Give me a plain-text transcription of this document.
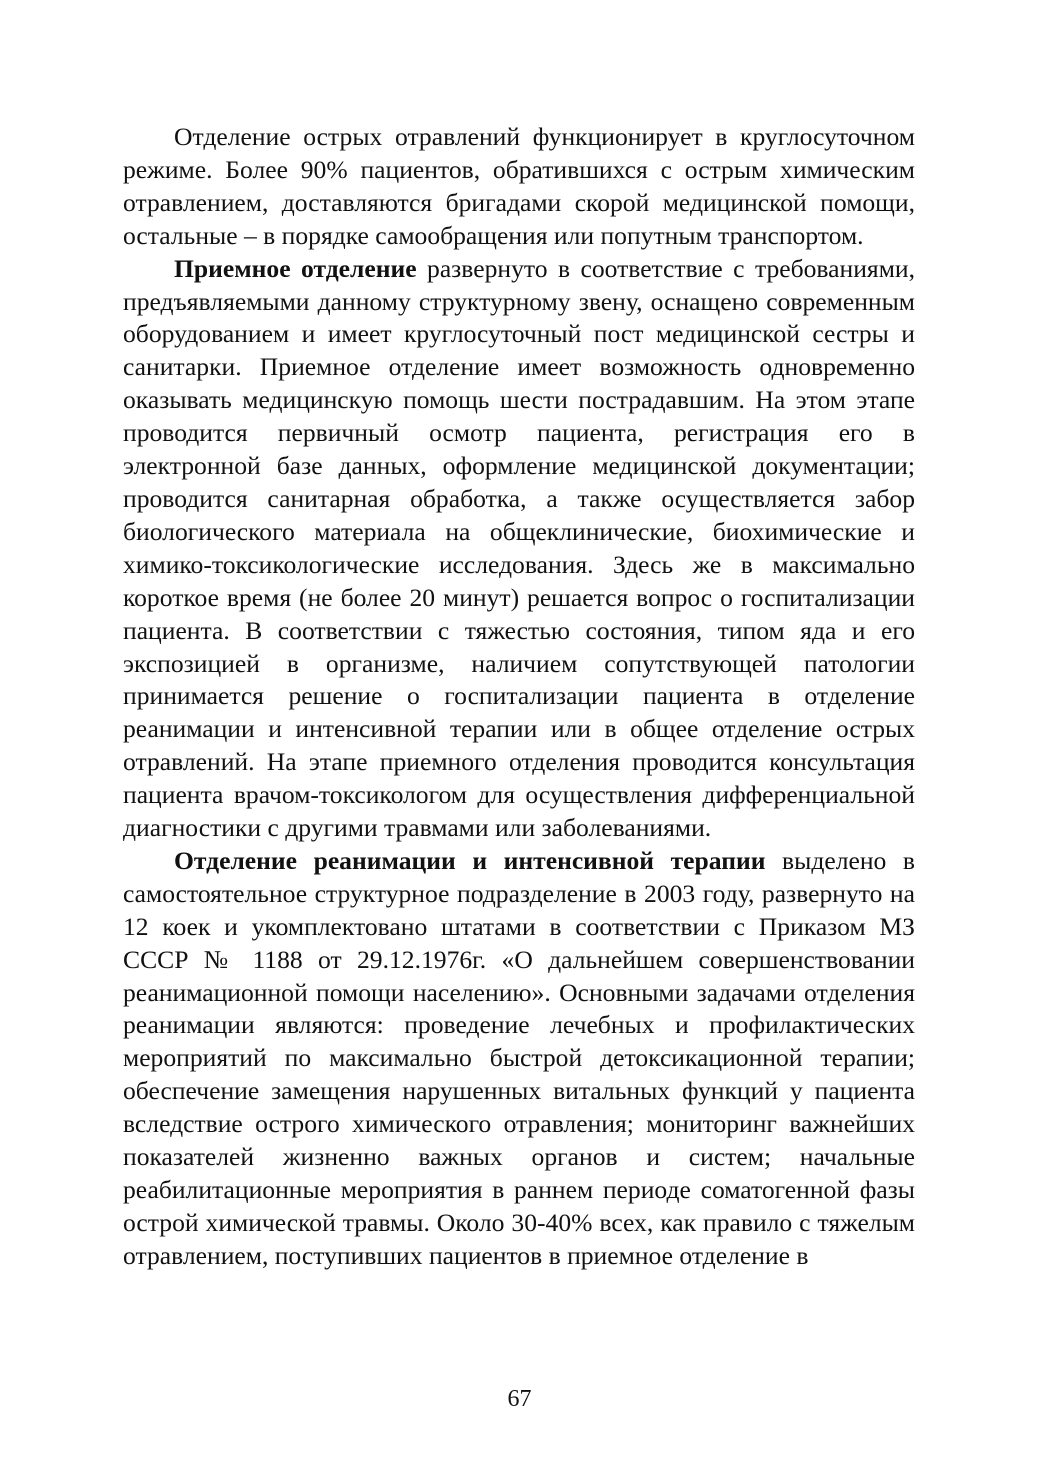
Отделение острых отравлений функционирует в круглосуточном режиме. Более 90% пациентов, обратившихся с острым химическим отравлением, доставляются бригадами скорой медицинской помощи, остальные – в порядке самообращения или попутным транспортом.

Приемное отделение развернуто в соответствие с требованиями, предъявляемыми данному структурному звену, оснащено современным оборудованием и имеет круглосуточный пост медицинской сестры и санитарки. Приемное отделение имеет возможность одновременно оказывать медицинскую помощь шести пострадавшим. На этом этапе проводится первичный осмотр пациента, регистрация его в электронной базе данных, оформление медицинской документации; проводится санитарная обработка, а также осуществляется забор биологического материала на общеклинические, биохимические и химико-токсикологические исследования. Здесь же в максимально короткое время (не более 20 минут) решается вопрос о госпитализации пациента. В соответствии с тяжестью состояния, типом яда и его экспозицией в организме, наличием сопутствующей патологии принимается решение о госпитализации пациента в отделение реанимации и интенсивной терапии или в общее отделение острых отравлений. На этапе приемного отделения проводится консультация пациента врачом-токсикологом для осуществления дифференциальной диагностики с другими травмами или заболеваниями.

Отделение реанимации и интенсивной терапии выделено в самостоятельное структурное подразделение в 2003 году, развернуто на 12 коек и укомплектовано штатами в соответствии с Приказом МЗ СССР № 1188 от 29.12.1976г. «О дальнейшем совершенствовании реанимационной помощи населению». Основными задачами отделения реанимации являются: проведение лечебных и профилактических мероприятий по максимально быстрой детоксикационной терапии; обеспечение замещения нарушенных витальных функций у пациента вследствие острого химического отравления; мониторинг важнейших показателей жизненно важных органов и систем; начальные реабилитационные мероприятия в раннем периоде соматогенной фазы острой химической травмы. Около 30-40% всех, как правило с тяжелым отравлением, поступивших пациентов в приемное отделение в

67
